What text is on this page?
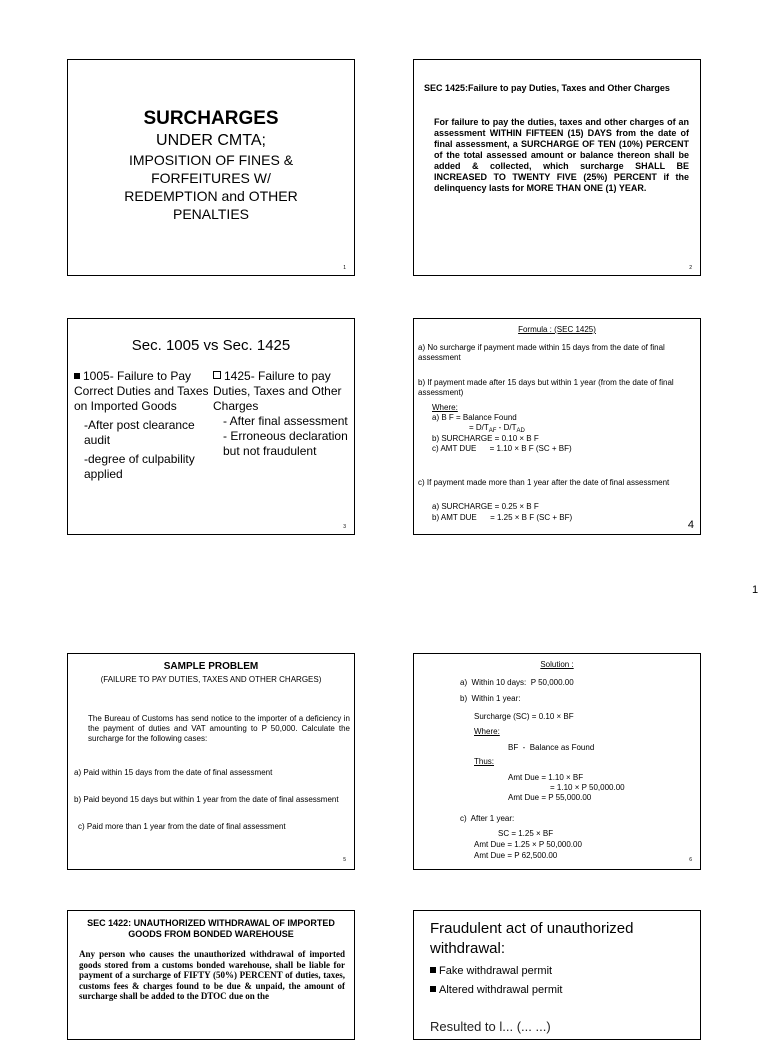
1
SURCHARGES
UNDER CMTA;
IMPOSITION OF FINES &
FORFEITURES W/
REDEMPTION and OTHER
PENALTIES
1
SEC 1425:Failure to pay Duties, Taxes and Other Charges
For failure to pay the duties, taxes and other charges of an assessment WITHIN FIFTEEN (15) DAYS from the date of final assessment, a SURCHARGE OF TEN (10%) PERCENT of the total assessed amount or balance thereon shall be added & collected, which surcharge SHALL BE INCREASED TO TWENTY FIVE (25%) PERCENT if the delinquency lasts for MORE THAN ONE (1) YEAR.
2
Sec. 1005 vs Sec. 1425
1005- Failure to Pay Correct Duties and Taxes on Imported Goods
-After post clearance audit
-degree of culpability applied
1425- Failure to pay Duties, Taxes and Other Charges
- After final assessment
- Erroneous declaration but not fraudulent
3
Formula : (SEC 1425)
a) No surcharge if payment made within 15 days from the date of final assessment
b) If payment made after 15 days but within 1 year (from the date of final assessment)
Where:
a) B F = Balance Found
= $D/T_{AF} - D/T_{AD}$
b) SURCHARGE = 0.10 × B F
c) AMT DUE      = 1.10 × B F (SC + BF)
c) If payment made more than 1 year after the date of final assessment
a) SURCHARGE = 0.25 × B F
b) AMT DUE      = 1.25 × B F (SC + BF)
4
SAMPLE PROBLEM
(FAILURE TO PAY DUTIES, TAXES AND OTHER CHARGES)
The Bureau of Customs has send notice to the importer of a deficiency in the payment of duties and VAT amounting to P 50,000. Calculate the surcharge for the following cases:
a) Paid within 15 days from the date of final assessment
b) Paid beyond 15 days but within 1 year from the date of final assessment
c) Paid more than 1 year from the date of final assessment
5
Solution :
a)  Within 10 days:  P 50,000.00
b)  Within 1 year:
Surcharge (SC) = 0.10 × BF
Where:
BF  -  Balance as Found
Thus:
Amt Due = 1.10 × BF
= 1.10 × P 50,000.00
Amt Due = P 55,000.00
c)  After 1 year:
SC = 1.25 × BF
Amt Due = 1.25 × P 50,000.00
Amt Due = P 62,500.00	6
SEC 1422: UNAUTHORIZED WITHDRAWAL OF IMPORTED GOODS FROM BONDED WAREHOUSE
Any person who causes the unauthorized withdrawal of imported goods stored from a customs bonded warehouse, shall be liable for payment of a surcharge of FIFTY (50%) PERCENT of duties, taxes, customs fees & charges found to be due & unpaid, the amount of surcharge shall be added to the DTOC due on the
Fraudulent act of unauthorized withdrawal:
Fake withdrawal permit
Altered withdrawal permit
Resulted to l... (... ...)
